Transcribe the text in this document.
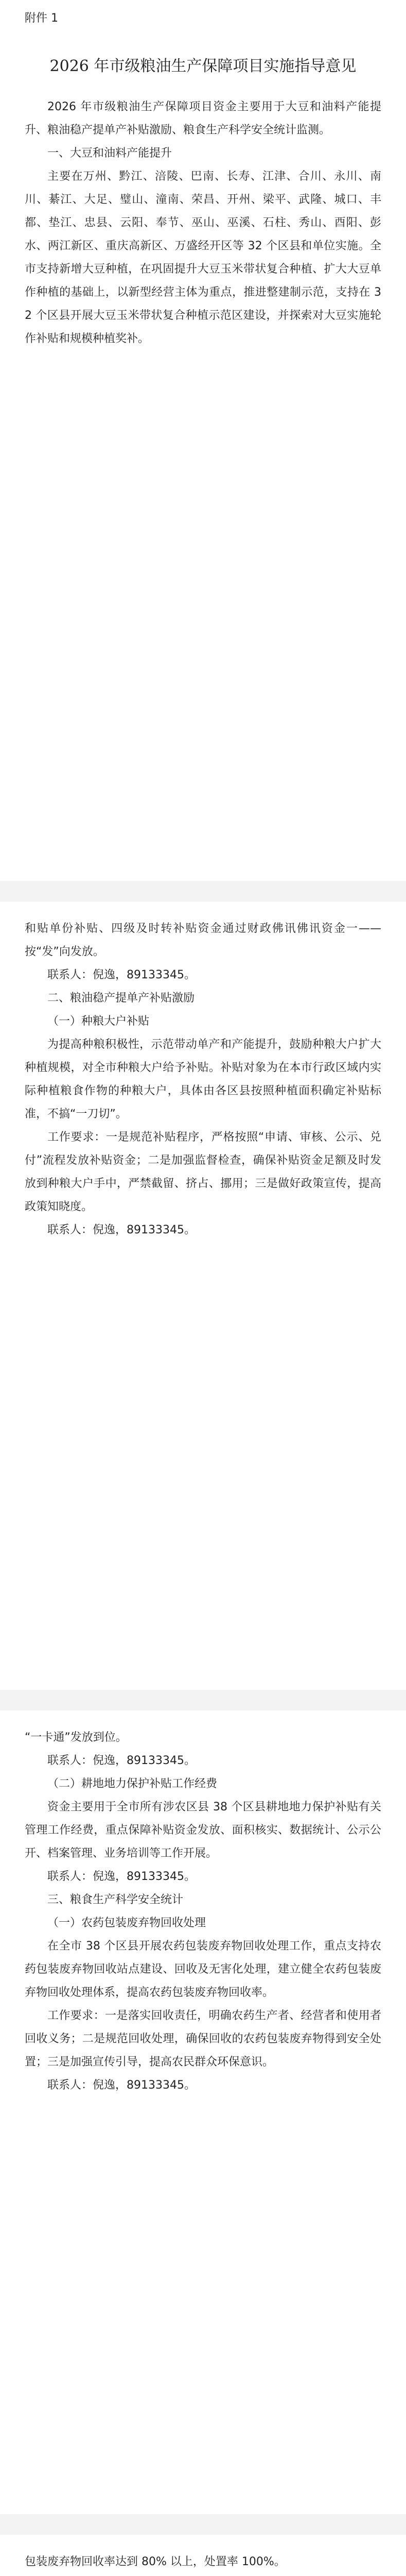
附件 1
2026 年市级粮油生产保障项目实施指导意见

2026 年市级粮油生产保障项目资金主要用于大豆和油料产能提升、粮油稳产提单产补贴激励、粮食生产科学安全统计监测。

一、大豆和油料产能提升

主要在万州、黔江、涪陵、巴南、长寿、江津、合川、永川、南川、綦江、大足、璧山、潼南、荣昌、开州、梁平、武隆、城口、丰都、垫江、忠县、云阳、奉节、巫山、巫溪、石柱、秀山、酉阳、彭水、两江新区、重庆高新区、万盛经开区等 32 个区县和单位实施。全市支持新增大豆种植，在巩固提升大豆玉米带状复合种植、扩大大豆单作种植的基础上，以新型经营主体为重点，推进整建制示范，支持在 32 个区县开展大豆玉米带状复合种植示范区建设，并探索对大豆实施轮作补贴和规模种植奖补。

和贴单份补贴、四级及时转补贴资金通过财政佛讯佛讯资金一——按“发”向发放。

联系人：倪逸，89133345。

二、粮油稳产提单产补贴激励

（一）种粮大户补贴

为提高种粮积极性，示范带动单产和产能提升，鼓励种粮大户扩大种植规模，对全市种粮大户给予补贴。补贴对象为在本市行政区域内实际种植粮食作物的种粮大户，具体由各区县按照种植面积确定补贴标准，不搞“一刀切”。

工作要求：一是规范补贴程序，严格按照“申请、审核、公示、兑付”流程发放补贴资金；二是加强监督检查，确保补贴资金足额及时发放到种粮大户手中，严禁截留、挤占、挪用；三是做好政策宣传，提高政策知晓度。

联系人：倪逸，89133345。

“一卡通”发放到位。

联系人：倪逸，89133345。

（二）耕地地力保护补贴工作经费

资金主要用于全市所有涉农区县 38 个区县耕地地力保护补贴有关管理工作经费，重点保障补贴资金发放、面积核实、数据统计、公示公开、档案管理、业务培训等工作开展。

联系人：倪逸，89133345。

三、粮食生产科学安全统计

（一）农药包装废弃物回收处理

在全市 38 个区县开展农药包装废弃物回收处理工作，重点支持农药包装废弃物回收站点建设、回收及无害化处理，建立健全农药包装废弃物回收处理体系，提高农药包装废弃物回收率。

工作要求：一是落实回收责任，明确农药生产者、经营者和使用者回收义务；二是规范回收处理，确保回收的农药包装废弃物得到安全处置；三是加强宣传引导，提高农民群众环保意识。

联系人：倪逸，89133345。

包装废弃物回收率达到 80% 以上，处置率 100%。
